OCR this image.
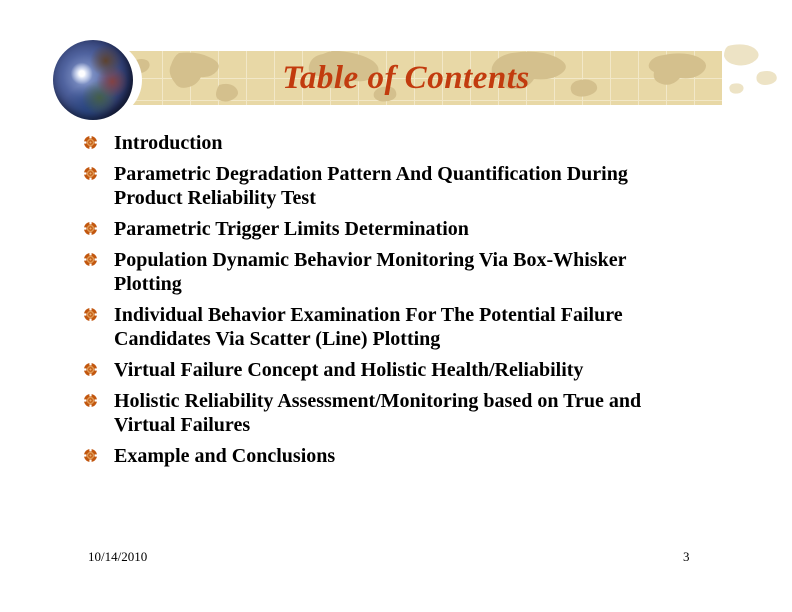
Table of Contents
Introduction
Parametric Degradation Pattern And Quantification During
Product Reliability Test
Parametric Trigger Limits Determination
Population Dynamic Behavior Monitoring Via Box-Whisker
Plotting
Individual Behavior Examination For The Potential Failure
Candidates Via Scatter (Line) Plotting
Virtual Failure Concept and Holistic Health/Reliability
Holistic Reliability Assessment/Monitoring based on True and
Virtual Failures
Example and Conclusions
10/14/2010	3
